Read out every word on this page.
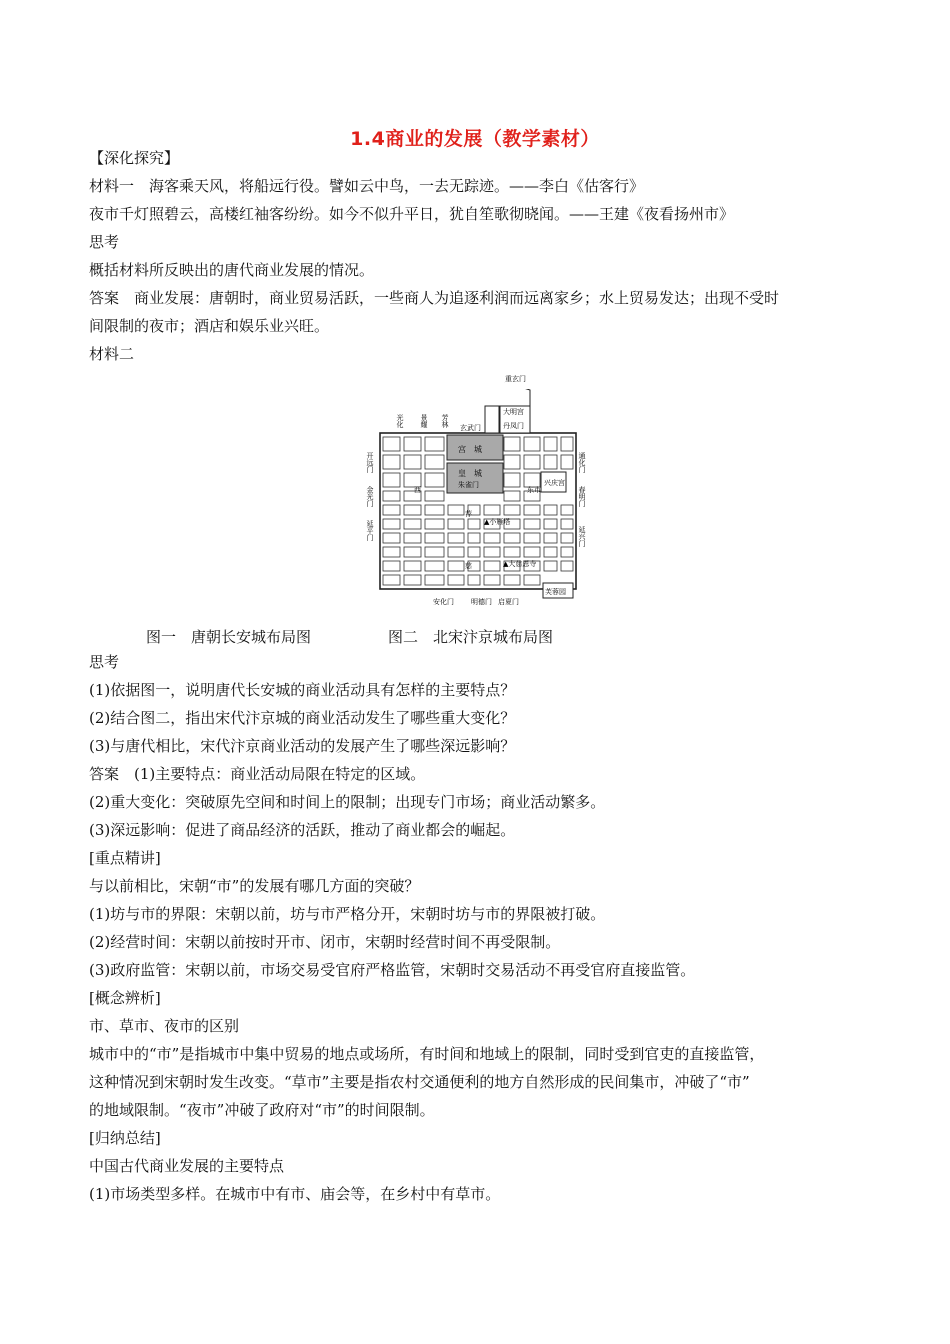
1.4商业的发展（教学素材）
【深化探究】
材料一　海客乘天风，将船远行役。譬如云中鸟，一去无踪迹。——李白《估客行》
夜市千灯照碧云，高楼红袖客纷纷。如今不似升平日，犹自笙歌彻晓闻。——王建《夜看扬州市》
思考
概括材料所反映出的唐代商业发展的情况。
答案　商业发展：唐朝时，商业贸易活跃，一些商人为追逐利润而远离家乡；水上贸易发达；出现不受时
间限制的夜市；酒店和娱乐业兴旺。
材料二
重玄门
大明宫
丹凤门
玄武门
宫　城
皇　城
朱雀门	兴庆宫
东市
西
▲小雁塔
▲大慈恩寺
荐
慈
芙蓉园
安化门 明德门 启夏门
光化 景耀 芳林
开远门
金光门
延平门
通化门
春明门
延兴门
图一　唐朝长安城布局图	图二　北宋汴京城布局图
思考
(1)依据图一，说明唐代长安城的商业活动具有怎样的主要特点？
(2)结合图二，指出宋代汴京城的商业活动发生了哪些重大变化？
(3)与唐代相比，宋代汴京商业活动的发展产生了哪些深远影响？
答案　(1)主要特点：商业活动局限在特定的区域。
(2)重大变化：突破原先空间和时间上的限制；出现专门市场；商业活动繁多。
(3)深远影响：促进了商品经济的活跃，推动了商业都会的崛起。
[重点精讲]
与以前相比，宋朝“市”的发展有哪几方面的突破？
(1)坊与市的界限：宋朝以前，坊与市严格分开，宋朝时坊与市的界限被打破。
(2)经营时间：宋朝以前按时开市、闭市，宋朝时经营时间不再受限制。
(3)政府监管：宋朝以前，市场交易受官府严格监管，宋朝时交易活动不再受官府直接监管。
[概念辨析]
市、草市、夜市的区别
城市中的“市”是指城市中集中贸易的地点或场所，有时间和地域上的限制，同时受到官吏的直接监管，
这种情况到宋朝时发生改变。“草市”主要是指农村交通便利的地方自然形成的民间集市，冲破了“市”
的地域限制。“夜市”冲破了政府对“市”的时间限制。
[归纳总结]
中国古代商业发展的主要特点
(1)市场类型多样。在城市中有市、庙会等，在乡村中有草市。
